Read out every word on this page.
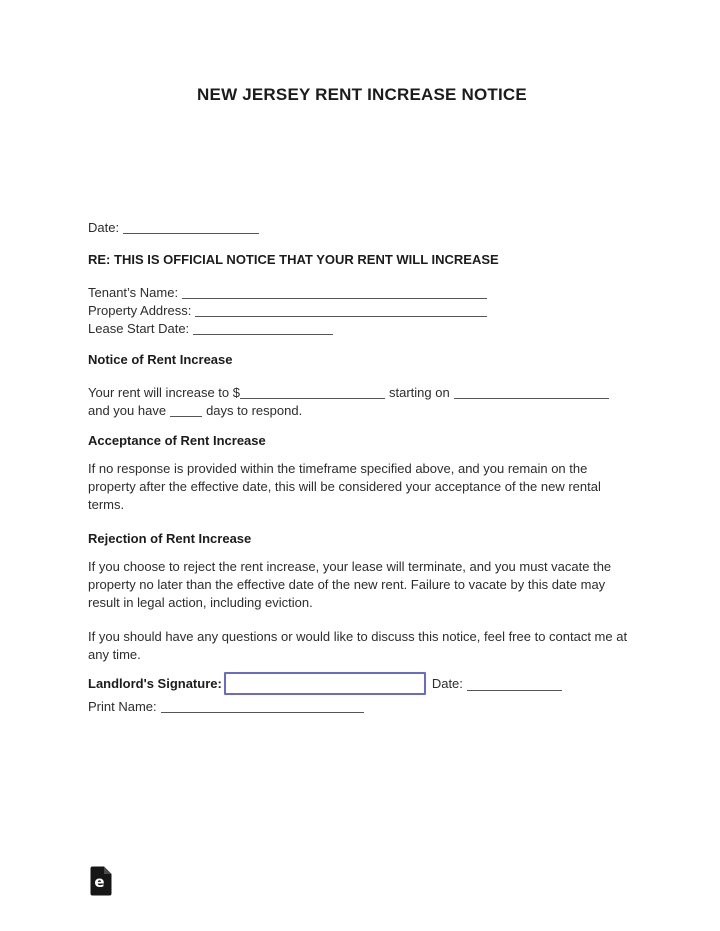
NEW JERSEY RENT INCREASE NOTICE
Date:
RE: THIS IS OFFICIAL NOTICE THAT YOUR RENT WILL INCREASE
Tenant’s Name:
Property Address:
Lease Start Date:
Notice of Rent Increase
Your rent will increase to $	starting on
and you have	days to respond.
Acceptance of Rent Increase
If no response is provided within the timeframe specified above, and you remain on the property after the effective date, this will be considered your acceptance of the new rental terms.
Rejection of Rent Increase
If you choose to reject the rent increase, your lease will terminate, and you must vacate the property no later than the effective date of the new rent. Failure to vacate by this date may result in legal action, including eviction.
If you should have any questions or would like to discuss this notice, feel free to contact me at any time.
Landlord's Signature:	Date:
Print Name:
e
